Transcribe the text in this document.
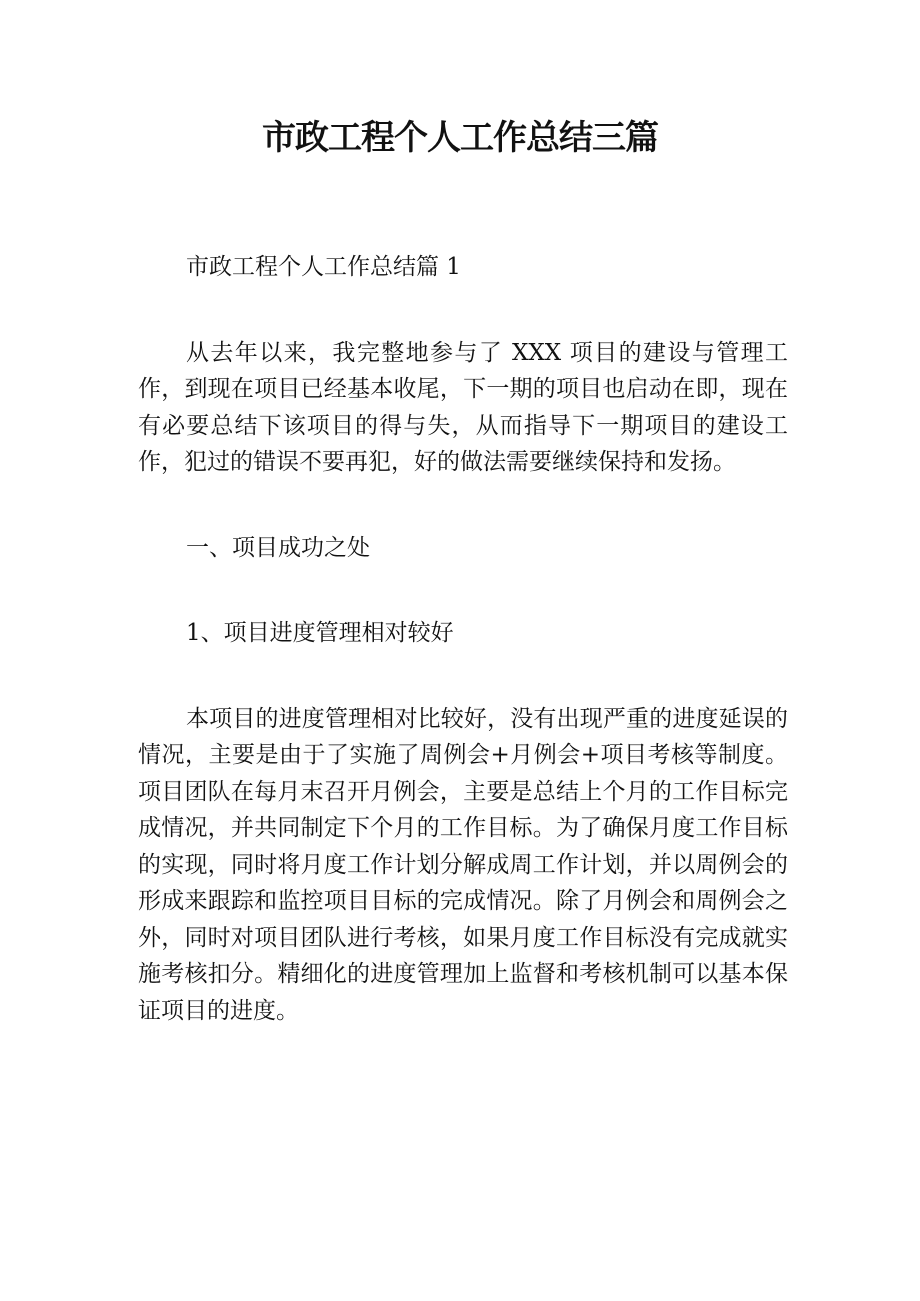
市政工程个人工作总结三篇
市政工程个人工作总结篇 1

从去年以来，我完整地参与了 XXX 项目的建设与管理工作，到现在项目已经基本收尾，下一期的项目也启动在即，现在有必要总结下该项目的得与失，从而指导下一期项目的建设工作，犯过的错误不要再犯，好的做法需要继续保持和发扬。

一、项目成功之处
1、项目进度管理相对较好

本项目的进度管理相对比较好，没有出现严重的进度延误的情况，主要是由于了实施了周例会+月例会+项目考核等制度。项目团队在每月末召开月例会，主要是总结上个月的工作目标完成情况，并共同制定下个月的工作目标。为了确保月度工作目标的实现，同时将月度工作计划分解成周工作计划，并以周例会的形成来跟踪和监控项目目标的完成情况。除了月例会和周例会之外，同时对项目团队进行考核，如果月度工作目标没有完成就实施考核扣分。精细化的进度管理加上监督和考核机制可以基本保证项目的进度。
